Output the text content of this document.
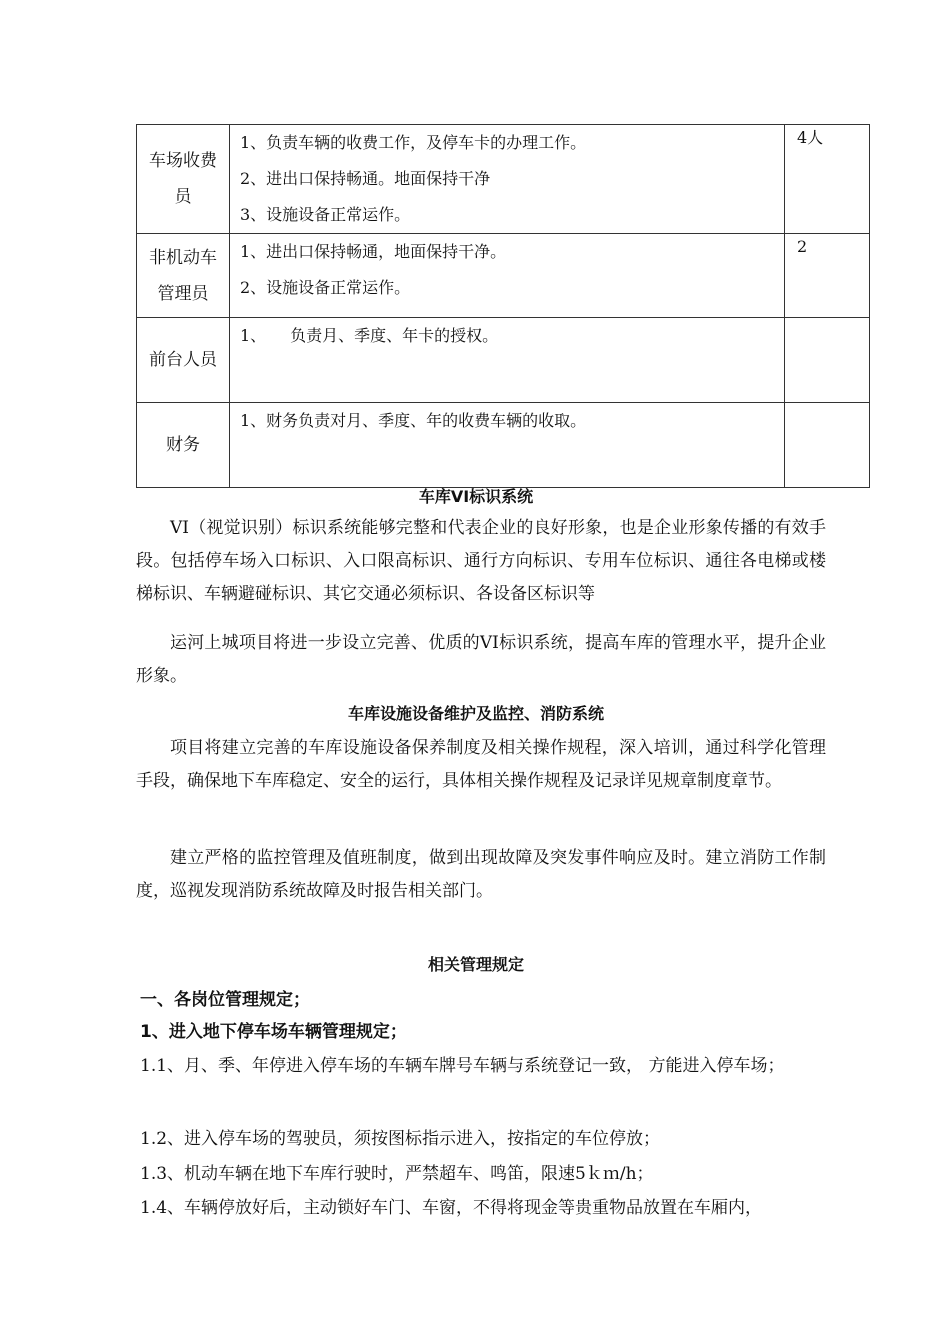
车场收费
员	1、负责车辆的收费工作，及停车卡的办理工作。
2、进出口保持畅通。地面保持干净
3、设施设备正常运作。	4人

非机动车
管理员	1、进出口保持畅通，地面保持干净。
2、设施设备正常运作。	2

前台人员	1、　　负责月、季度、年卡的授权。	

财务	1、财务负责对月、季度、年的收费车辆的收取。	

车库VI标识系统
VI（视觉识别）标识系统能够完整和代表企业的良好形象，也是企业形象传播的有效手段。包括停车场入口标识、入口限高标识、通行方向标识、专用车位标识、通往各电梯或楼梯标识、车辆避碰标识、其它交通必须标识、各设备区标识等
运河上城项目将进一步设立完善、优质的VI标识系统，提高车库的管理水平，提升企业形象。
车库设施设备维护及监控、消防系统
项目将建立完善的车库设施设备保养制度及相关操作规程，深入培训，通过科学化管理手段，确保地下车库稳定、安全的运行，具体相关操作规程及记录详见规章制度章节。
建立严格的监控管理及值班制度，做到出现故障及突发事件响应及时。建立消防工作制度，巡视发现消防系统故障及时报告相关部门。
相关管理规定
一、各岗位管理规定；
1、进入地下停车场车辆管理规定；
1.1、月、季、年停进入停车场的车辆车牌号车辆与系统登记一致， 方能进入停车场；
1.2、进入停车场的驾驶员，须按图标指示进入，按指定的车位停放；
1.3、机动车辆在地下车库行驶时，严禁超车、鸣笛，限速5ｋｍ/h；
1.4、车辆停放好后，主动锁好车门、车窗，不得将现金等贵重物品放置在车厢内，
